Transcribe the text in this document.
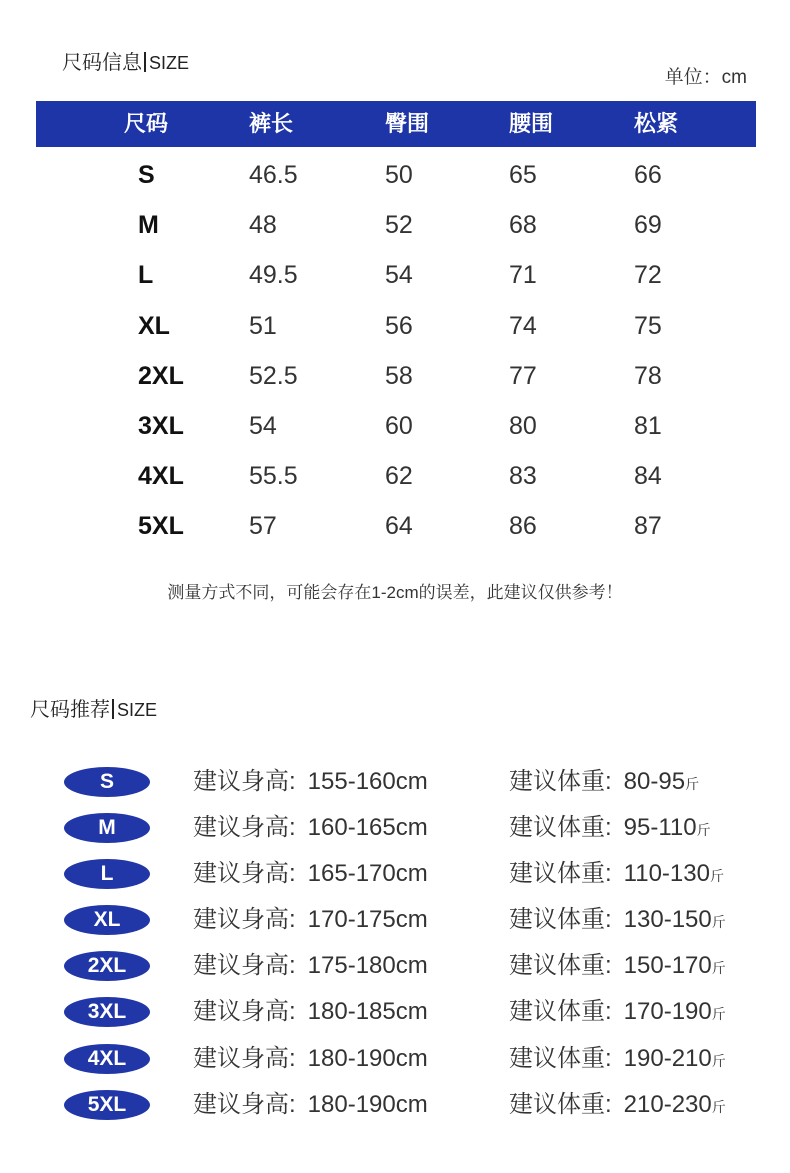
尺码信息 SIZE
单位：cm
尺码	裤长	臀围	腰围	松紧
S	46.5	50	65	66
M	48	52	68	69
L	49.5	54	71	72
XL	51	56	74	75
2XL	52.5	58	77	78
3XL	54	60	80	81
4XL	55.5	62	83	84
5XL	57	64	86	87
测量方式不同，可能会存在1-2cm的误差，此建议仅供参考！
尺码推荐 SIZE
S	建议身高: 155-160cm	建议体重: 80-95斤
M	建议身高: 160-165cm	建议体重: 95-110斤
L	建议身高: 165-170cm	建议体重: 110-130斤
XL	建议身高: 170-175cm	建议体重: 130-150斤
2XL	建议身高: 175-180cm	建议体重: 150-170斤
3XL	建议身高: 180-185cm	建议体重: 170-190斤
4XL	建议身高: 180-190cm	建议体重: 190-210斤
5XL	建议身高: 180-190cm	建议体重: 210-230斤
